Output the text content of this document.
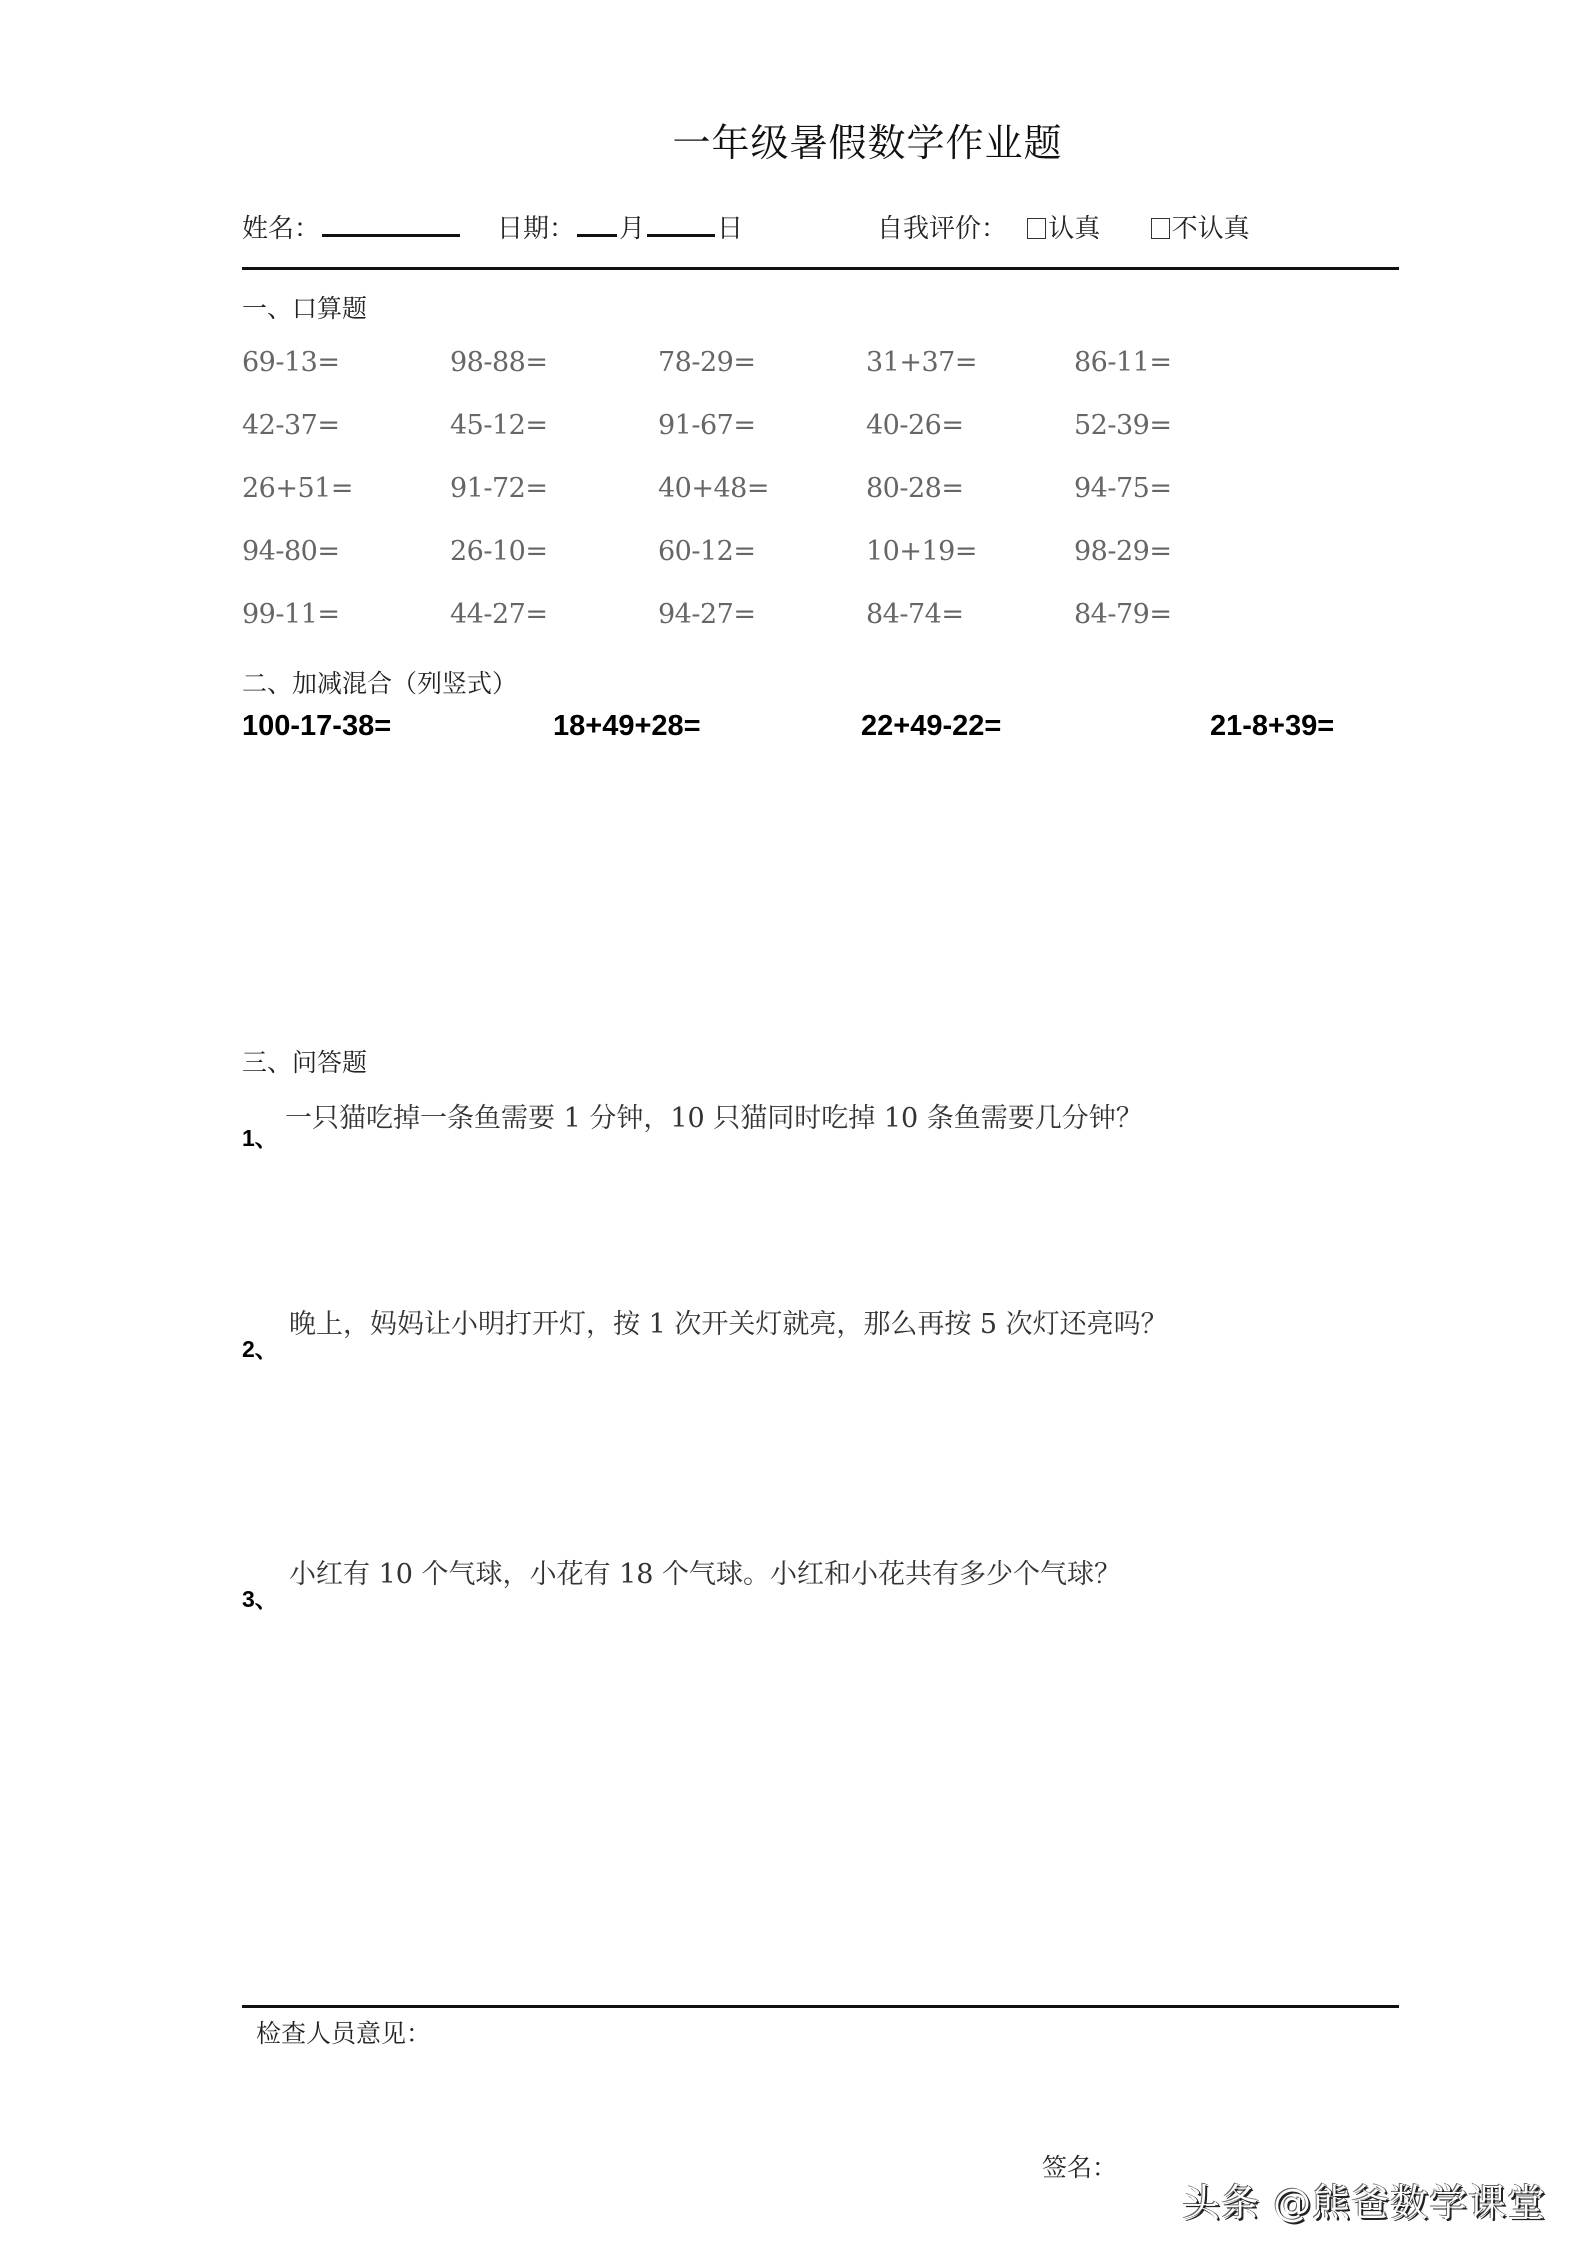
一年级暑假数学作业题
姓名：	日期： 月	日	自我评价： 认真	不认真
一、口算题
69-13=	98-88=	78-29=	31+37=	86-11=
42-37=	45-12=	91-67=	40-26=	52-39=
26+51=	91-72=	40+48=	80-28=	94-75=
94-80=	26-10=	60-12=	10+19=	98-29=
99-11=	44-27=	94-27=	84-74=	84-79=
二、加减混合（列竖式）
100-17-38=	18+49+28=	22+49-22=	21-8+39=
三、问答题
1、
一只猫吃掉一条鱼需要 1 分钟，10 只猫同时吃掉 10 条鱼需要几分钟？
2、
晚上，妈妈让小明打开灯，按 1 次开关灯就亮，那么再按 5 次灯还亮吗？
3、
小红有 10 个气球，小花有 18 个气球。小红和小花共有多少个气球？
检查人员意见：
签名：
头条 @熊爸数学课堂
